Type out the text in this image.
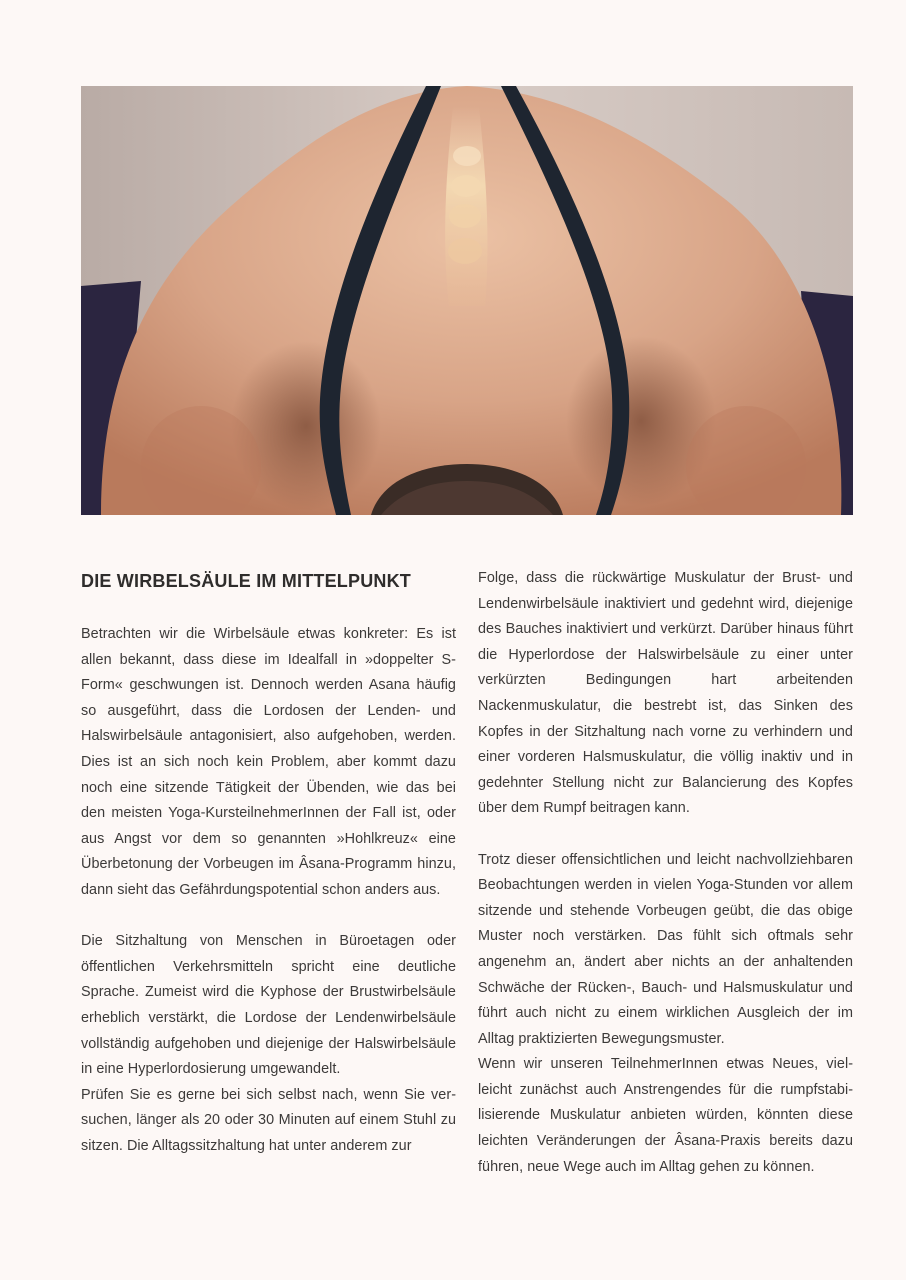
DIE WIRBELSÄULE IM MITTELPUNKT

Betrachten wir die Wirbelsäule etwas konkreter: Es ist allen bekannt, dass diese im Idealfall in »doppelter S-Form« geschwungen ist. Dennoch werden Asana häufig so ausgeführt, dass die Lordosen der Lenden- und Halswirbelsäule antagonisiert, also aufgehoben, werden. Dies ist an sich noch kein Problem, aber kommt dazu noch eine sitzende Tätigkeit der Übenden, wie das bei den meisten Yoga-KursteilnehmerInnen der Fall ist, oder aus Angst vor dem so genannten »Hohlkreuz« eine Überbetonung der Vorbeugen im Âsana-Programm hinzu, dann sieht das Gefährdungspotential schon anders aus.

Die Sitzhaltung von Menschen in Büroetagen oder öffentlichen Verkehrsmitteln spricht eine deutliche Sprache. Zumeist wird die Kyphose der Brustwirbelsäule erheblich verstärkt, die Lordose der Lendenwirbelsäule vollständig aufgehoben und diejenige der Halswirbelsäule in eine Hyperlordosierung umgewandelt.

Prüfen Sie es gerne bei sich selbst nach, wenn Sie versuchen, länger als 20 oder 30 Minuten auf einem Stuhl zu sitzen. Die Alltagssitzhaltung hat unter anderem zur

Folge, dass die rückwärtige Muskulatur der Brust- und Lendenwirbelsäule inaktiviert und gedehnt wird, diejenige des Bauches inaktiviert und verkürzt. Darüber hinaus führt die Hyperlordose der Halswirbelsäule zu einer unter verkürzten Bedingungen hart arbeitenden Nackenmuskulatur, die bestrebt ist, das Sinken des Kopfes in der Sitzhaltung nach vorne zu verhindern und einer vorderen Halsmuskulatur, die völlig inaktiv und in gedehnter Stellung nicht zur Balancierung des Kopfes über dem Rumpf beitragen kann.

Trotz dieser offensichtlichen und leicht nachvollziehbaren Beobachtungen werden in vielen Yoga-Stunden vor allem sitzende und stehende Vorbeugen geübt, die das obige Muster noch verstärken. Das fühlt sich oftmals sehr angenehm an, ändert aber nichts an der anhaltenden Schwäche der Rücken-, Bauch- und Halsmuskulatur und führt auch nicht zu einem wirklichen Ausgleich der im Alltag praktizierten Bewegungsmuster.

Wenn wir unseren TeilnehmerInnen etwas Neues, vielleicht zunächst auch Anstrengendes für die rumpfstabilisierende Muskulatur anbieten würden, könnten diese leichten Veränderungen der Âsana-Praxis bereits dazu führen, neue Wege auch im Alltag gehen zu können.
